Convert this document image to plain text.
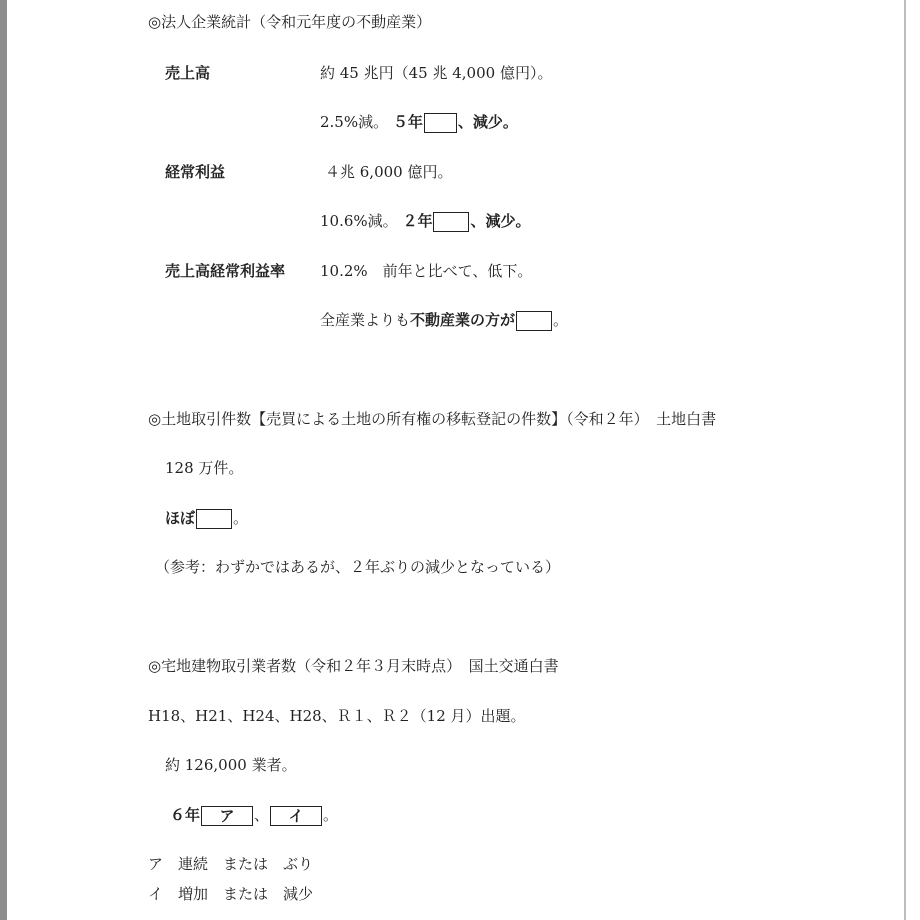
◎法人企業統計（令和元年度の不動産業）
売上高	約 45 兆円（45 兆 4,000 億円）。
2.5%減。 ５年 、減少。
経常利益	４兆 6,000 億円。
10.6%減。 ２年	、減少。
売上高経常利益率 10.2%　前年と比べて、低下。
全産業よりも不動産業の方が	。
◎土地取引件数【売買による土地の所有権の移転登記の件数】（令和２年）　土地白書
128 万件。
ほぼ	。
（参考：わずかではあるが、２年ぶりの減少となっている）
◎宅地建物取引業者数（令和２年３月末時点）　国土交通白書
H18、H21、H24、H28、Ｒ１、Ｒ２（12 月）出題。
約 126,000 業者。
６年 ア 、 イ 。
ア　連続　または　ぶり
イ　増加　または　減少
